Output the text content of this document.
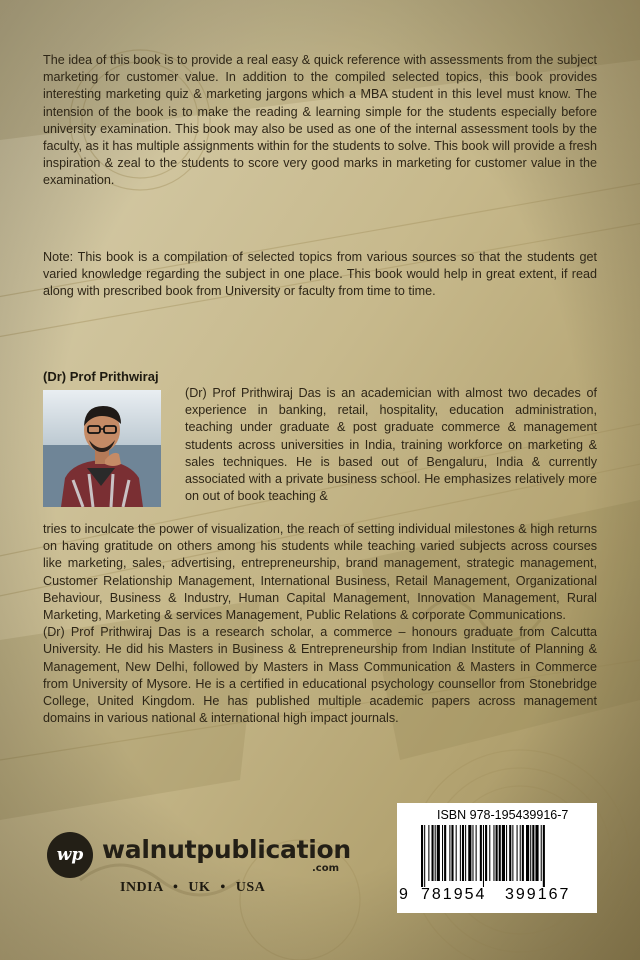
The idea of this book is to provide a real easy & quick reference with assessments from the subject marketing for customer value. In addition to the compiled selected topics, this book provides interesting marketing quiz & marketing jargons which a MBA student in this level must know. The intension of the book is to make the reading & learning simple for the students especially before university examination. This book may also be used as one of the internal assessment tools by the faculty, as it has multiple assignments within for the students to solve. This book will provide a fresh inspiration & zeal to the students to score very good marks in marketing for customer value in the examination.
Note: This book is a compilation of selected topics from various sources so that the students get varied knowledge regarding the subject in one place. This book would help in great extent, if read along with prescribed book from University or faculty from time to time.
(Dr) Prof Prithwiraj
(Dr) Prof Prithwiraj Das is an academician with almost two decades of experience in banking, retail, hospitality, education administration, teaching under graduate & post graduate commerce & management students across universities in India, training workforce on marketing & sales techniques. He is based out of Bengaluru, India & currently associated with a private business school. He emphasizes relatively more on out of book teaching &

tries to inculcate the power of visualization, the reach of setting individual milestones & high returns on having gratitude on others among his students while teaching varied subjects across courses like marketing, sales, advertising, entrepreneurship, brand management, strategic management, Customer Relationship Management, International Business, Retail Management, Organizational Behaviour, Business & Industry, Human Capital Management, Innovation Management, Rural Marketing, Marketing & services Management, Public Relations & corporate Communications.

(Dr) Prof Prithwiraj Das is a research scholar, a commerce – honours graduate from Calcutta University. He did his Masters in Business & Entrepreneurship from Indian Institute of Planning & Management, New Delhi, followed by Masters in Mass Communication & Masters in Commerce from University of Mysore. He is a certified in educational psychology counsellor from Stonebridge College, United Kingdom. He has published multiple academic papers across management domains in various national & international high impact journals.

wp walnutpublication
.com
INDIA • UK • USA
ISBN 978-195439916-7
9 781954 399167
